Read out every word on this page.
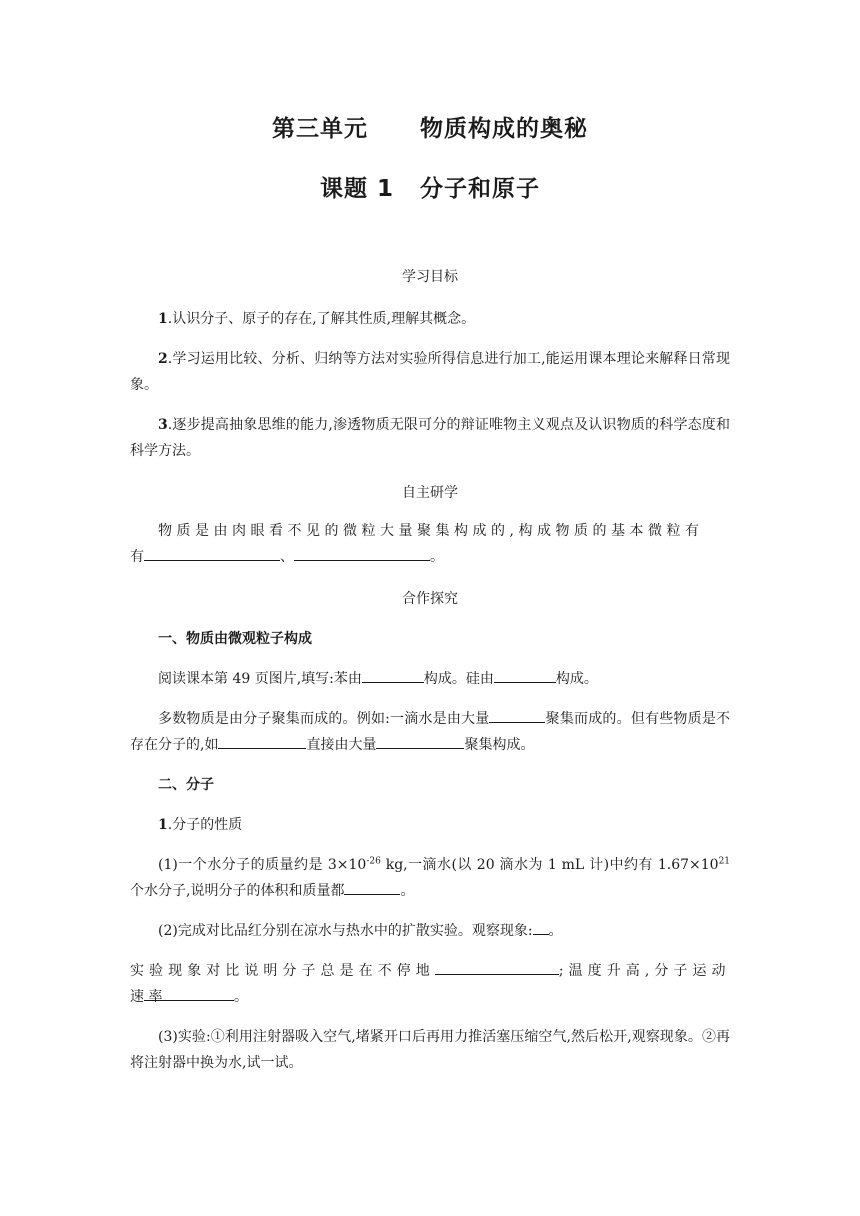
第三单元 物质构成的奥秘
课题 1 分子和原子
学习目标
1.认识分子、原子的存在,了解其性质,理解其概念。
2.学习运用比较、分析、归纳等方法对实验所得信息进行加工,能运用课本理论来解释日常现象。
3.逐步提高抽象思维的能力,渗透物质无限可分的辩证唯物主义观点及认识物质的科学态度和科学方法。
自主研学
物质是由肉眼看不见的微粒大量聚集构成的,构成物质的基本微粒有
有	、	。
合作探究
一、物质由微观粒子构成
阅读课本第 49 页图片,填写:苯由	构成。硅由	构成。
多数物质是由分子聚集而成的。例如:一滴水是由大量	聚集而成的。但有些物质是不存在分子的,如	直接由大量	聚集构成。
二、分子
1.分子的性质
(1)一个水分子的质量约是 $3\times 10^{-26}$ kg,一滴水(以 20 滴水为 1 mL 计)中约有 $1.67\times 10^{21}$ 个水分子,说明分子的体积和质量都	。
(2)完成对比品红分别在凉水与热水中的扩散实验。观察现象: 。
实验现象对比说明分子总是在不停地	;温度升高,分子运动速率	。
(3)实验:①利用注射器吸入空气,堵紧开口后再用力推活塞压缩空气,然后松开,观察现象。②再将注射器中换为水,试一试。
